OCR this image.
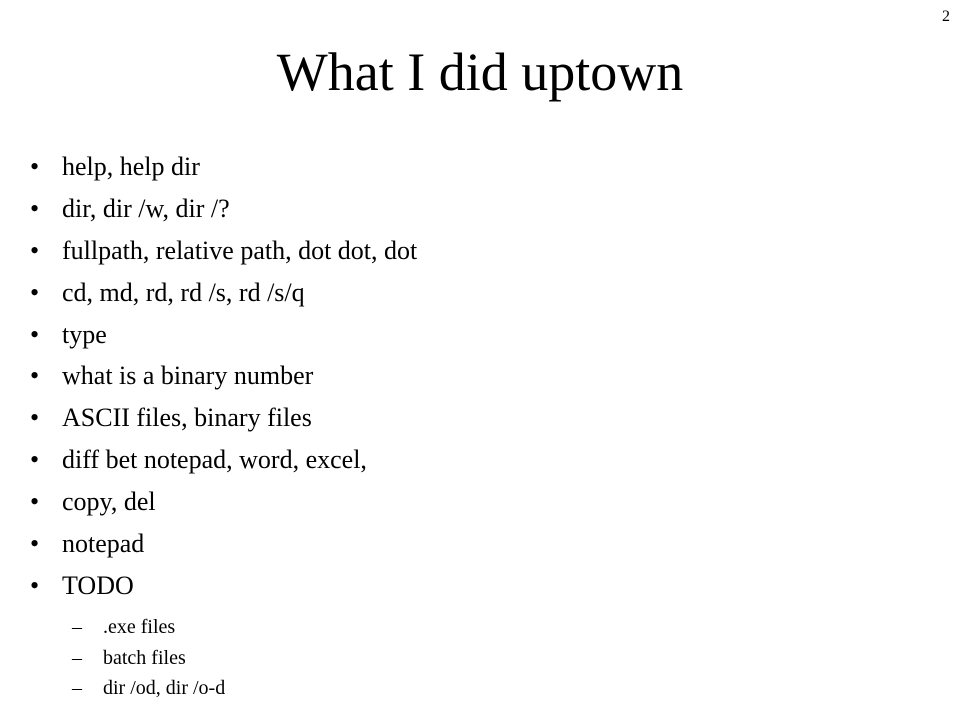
2
What I did uptown
• help, help dir
• dir, dir /w, dir /?
• fullpath, relative path, dot dot, dot
• cd, md, rd, rd /s, rd /s/q
• type
• what is a binary number
• ASCII files, binary files
• diff bet notepad, word, excel,
• copy, del
• notepad
• TODO
– .exe files
– batch files
– dir /od, dir /o-d
